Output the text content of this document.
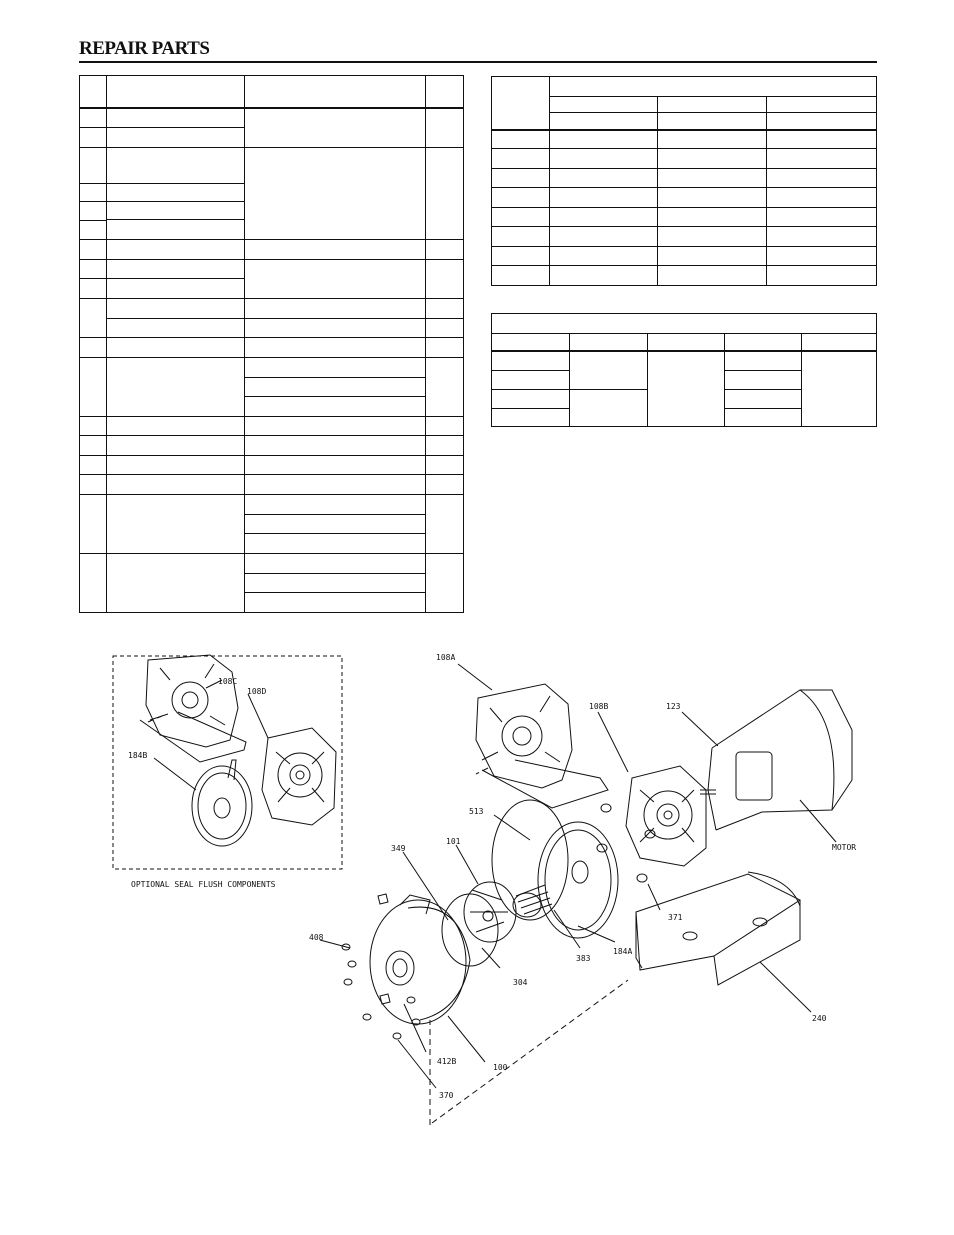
REPAIR PARTS
108A
108B	123
108C
108D
184B
513
349
101
408
304
383
184A
371
412B
100
370
240
MOTOR
OPTIONAL SEAL FLUSH COMPONENTS
